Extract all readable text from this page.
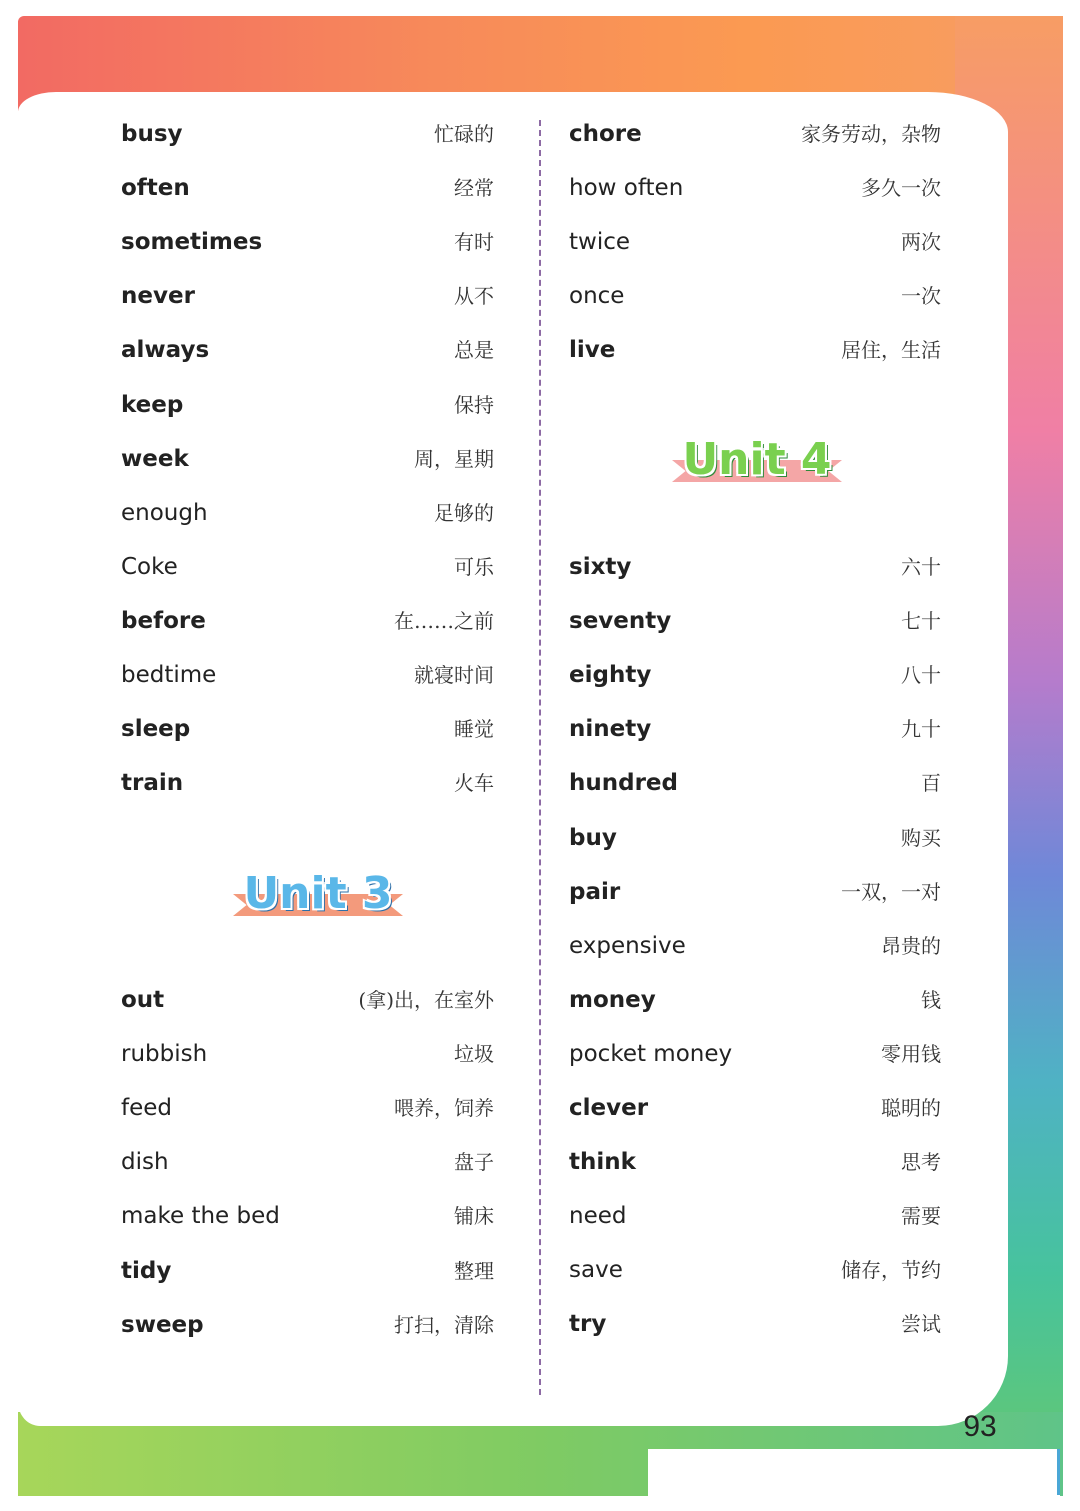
busy	忙碌的
often	经常
sometimes	有时
never	从不
always	总是
keep	保持
week	周，星期
enough	足够的
Coke	可乐
before	在……之前
bedtime	就寝时间
sleep	睡觉
train	火车
out	(拿)出，在室外
rubbish	垃圾
feed	喂养，饲养
dish	盘子
make the bed	铺床
tidy	整理
sweep	打扫，清除
chore	家务劳动，杂物
how often	多久一次
twice	两次
once	一次
live	居住，生活
sixty	六十
seventy	七十
eighty	八十
ninety	九十
hundred	百
buy	购买
pair	一双，一对
expensive	昂贵的
money	钱
pocket money	零用钱
clever	聪明的
think	思考
need	需要
save	储存，节约
try	尝试
Unit 3
Unit 4
93
